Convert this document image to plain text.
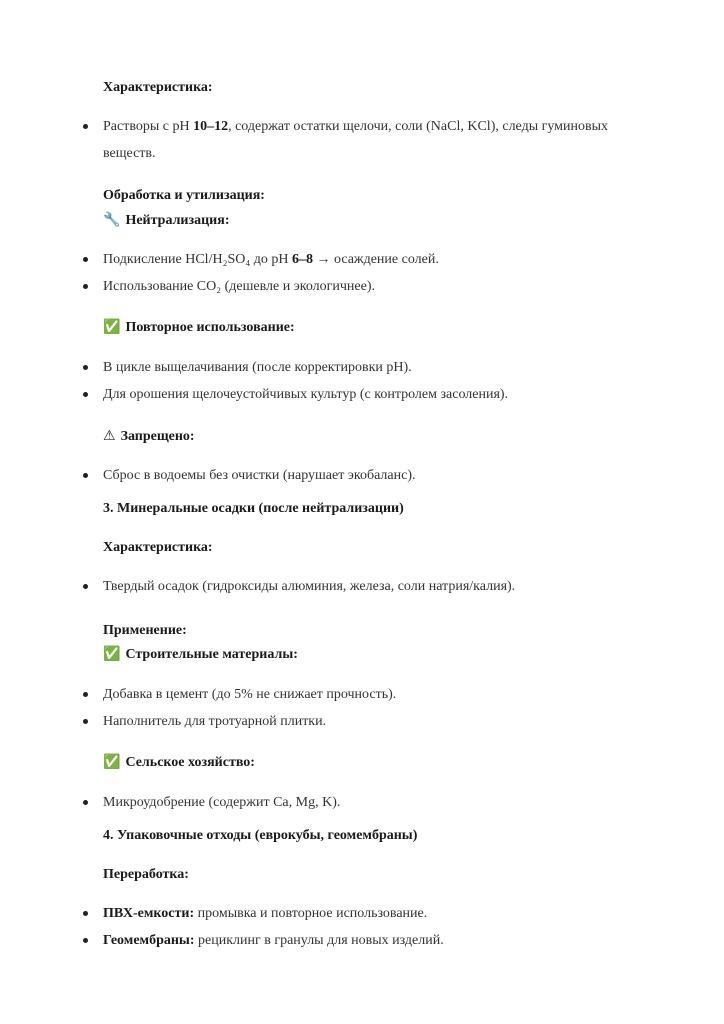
Характеристика:
Растворы с pH 10–12, содержат остатки щелочи, соли (NaCl, KCl), следы гуминовых
веществ.
Обработка и утилизация:
🔧 Нейтрализация:
Подкисление HCl/H₂SO₄ до pH 6–8 → осаждение солей.
Использование CO₂ (дешевле и экологичнее).
✅ Повторное использование:
В цикле выщелачивания (после корректировки pH).
Для орошения щелочеустойчивых культур (с контролем засоления).
⚠ Запрещено:
Сброс в водоемы без очистки (нарушает экобаланс).
3. Минеральные осадки (после нейтрализации)
Характеристика:
Твердый осадок (гидроксиды алюминия, железа, соли натрия/калия).
Применение:
✅ Строительные материалы:
Добавка в цемент (до 5% не снижает прочность).
Наполнитель для тротуарной плитки.
✅ Сельское хозяйство:
Микроудобрение (содержит Ca, Mg, K).
4. Упаковочные отходы (еврокубы, геомембраны)
Переработка:
ПВХ-емкости: промывка и повторное использование.
Геомембраны: рециклинг в гранулы для новых изделий.
